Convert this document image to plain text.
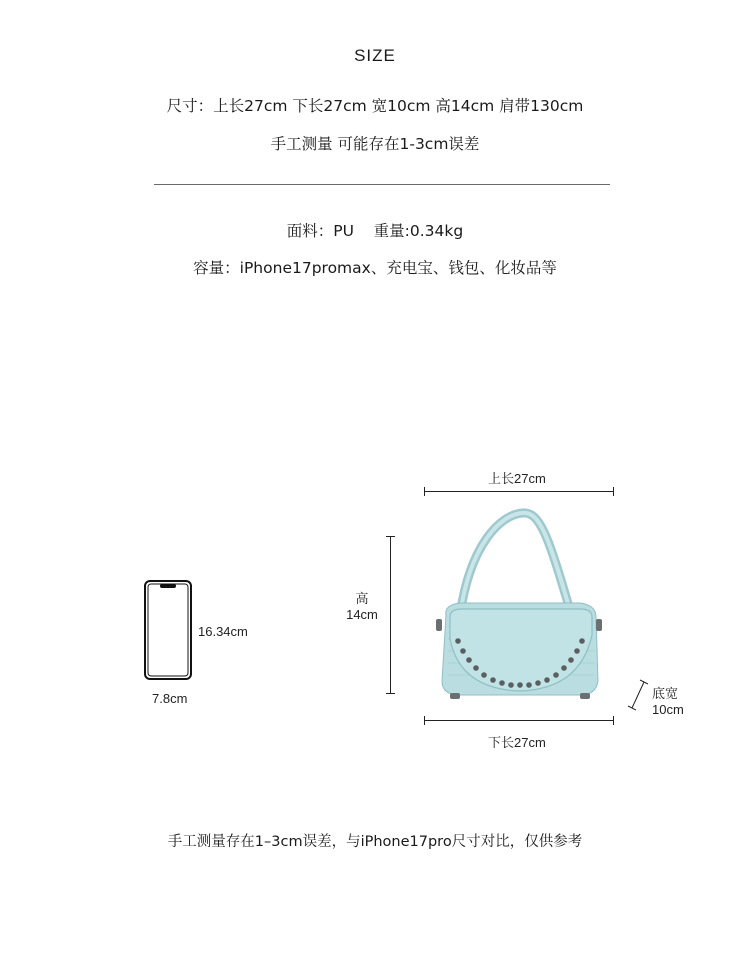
SIZE
尺寸：上长27cm 下长27cm 宽10cm 高14cm 肩带130cm
手工测量 可能存在1-3cm误差
面料：PU    重量:0.34kg
容量：iPhone17promax、充电宝、钱包、化妆品等
16.34cm
7.8cm
上长27cm
高
14cm
底宽
10cm
下长27cm
手工测量存在1–3cm误差，与iPhone17pro尺寸对比，仅供参考
